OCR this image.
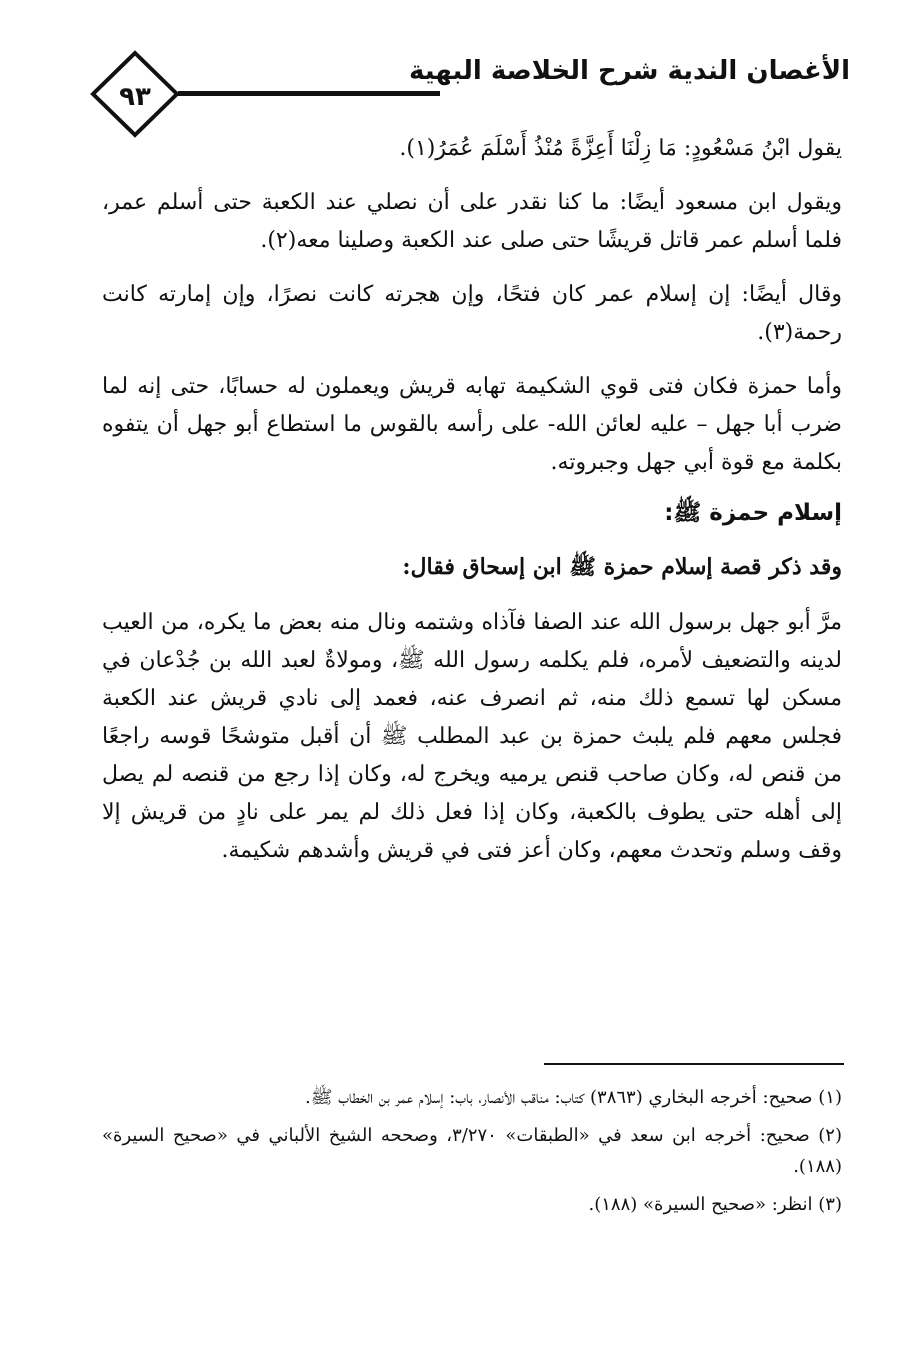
٩٣
الأغصان الندية شرح الخلاصة البهية

يقول ابْنُ مَسْعُودٍ: مَا زِلْنَا أَعِزَّةً مُنْذُ أَسْلَمَ عُمَرُ(١).

ويقول ابن مسعود أيضًا: ما كنا نقدر على أن نصلي عند الكعبة حتى أسلم عمر، فلما أسلم عمر قاتل قريشًا حتى صلى عند الكعبة وصلينا معه(٢).

وقال أيضًا: إن إسلام عمر كان فتحًا، وإن هجرته كانت نصرًا، وإن إمارته كانت رحمة(٣).

وأما حمزة فكان فتى قوي الشكيمة تهابه قريش ويعملون له حسابًا، حتى إنه لما ضرب أبا جهل – عليه لعائن الله- على رأسه بالقوس ما استطاع أبو جهل أن يتفوه بكلمة مع قوة أبي جهل وجبروته.

إسلام حمزة ﷺ:

وقد ذكر قصة إسلام حمزة ﷺ ابن إسحاق فقال:

مرَّ أبو جهل برسول الله عند الصفا فآذاه وشتمه ونال منه بعض ما يكره، من العيب لدينه والتضعيف لأمره، فلم يكلمه رسول الله ﷺ، ومولاةٌ لعبد الله بن جُدْعان في مسكن لها تسمع ذلك منه، ثم انصرف عنه، فعمد إلى نادي قريش عند الكعبة فجلس معهم فلم يلبث حمزة بن عبد المطلب ﷺ أن أقبل متوشحًا قوسه راجعًا من قنص له، وكان صاحب قنص يرميه ويخرج له، وكان إذا رجع من قنصه لم يصل إلى أهله حتى يطوف بالكعبة، وكان إذا فعل ذلك لم يمر على نادٍ من قريش إلا وقف وسلم وتحدث معهم، وكان أعز فتى في قريش وأشدهم شكيمة.

(١) صحيح: أخرجه البخاري (٣٨٦٣) كتاب: مناقب الأنصار، باب: إسلام عمر بن الخطاب ﷺ.

(٢) صحيح: أخرجه ابن سعد في «الطبقات» ٣/٢٧٠، وصححه الشيخ الألباني في «صحيح السيرة» (١٨٨).

(٣) انظر: «صحيح السيرة» (١٨٨).
